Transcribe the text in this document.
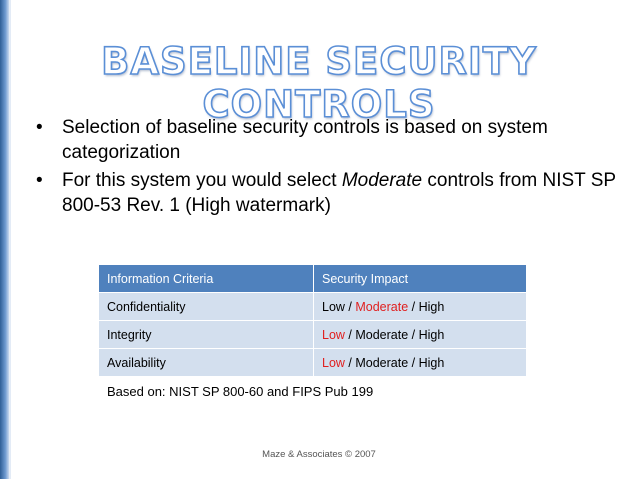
BASELINE SECURITY CONTROLS
• Selection of baseline security controls is based on system categorization
• For this system you would select Moderate controls from NIST SP 800-53 Rev. 1 (High watermark)
Information Criteria	Security Impact
Confidentiality	Low / Moderate / High
Integrity	Low / Moderate / High
Availability	Low / Moderate / High
Based on: NIST SP 800-60 and FIPS Pub 199
Maze & Associates © 2007
